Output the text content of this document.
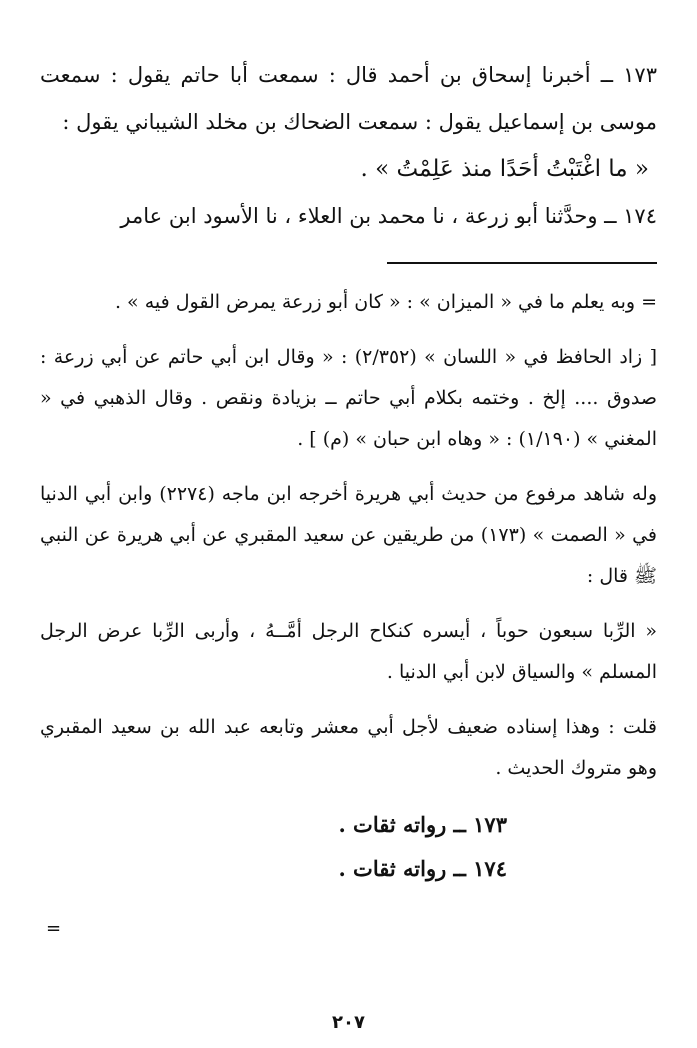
١٧٣ ــ أخبرنا إسحاق بن أحمد قال : سمعت أبا حاتم يقول : سمعت موسى بن إسماعيل يقول : سمعت الضحاك بن مخلد الشيباني يقول :

« ما اغْتَبْتُ أحَدًا منذ عَلِمْتُ » .

١٧٤ ــ وحدَّثنا أبو زرعة ، نا محمد بن العلاء ، نا الأسود ابن عامر

= وبه يعلم ما في « الميزان » : « كان أبو زرعة يمرض القول فيه » .

[ زاد الحافظ في « اللسان » (٢/٣٥٢) : « وقال ابن أبي حاتم عن أبي زرعة : صدوق .... إلخ . وختمه بكلام أبي حاتم ــ بزيادة ونقص . وقال الذهبي في « المغني » (١/١٩٠) : « وهاه ابن حبان » (م) ] .

وله شاهد مرفوع من حديث أبي هريرة أخرجه ابن ماجه (٢٢٧٤) وابن أبي الدنيا في « الصمت » (١٧٣) من طريقين عن سعيد المقبري عن أبي هريرة عن النبي ﷺ قال :

« الرِّبا سبعون حوباً ، أيسره كنكاح الرجل أمَّــهُ ، وأربى الرِّبا عرض الرجل المسلم » والسياق لابن أبي الدنيا .

قلت : وهذا إسناده ضعيف لأجل أبي معشر وتابعه عبد الله بن سعيد المقبري وهو متروك الحديث .

١٧٣ ــ رواته ثقات .

١٧٤ ــ رواته ثقات .

=
٢٠٧
